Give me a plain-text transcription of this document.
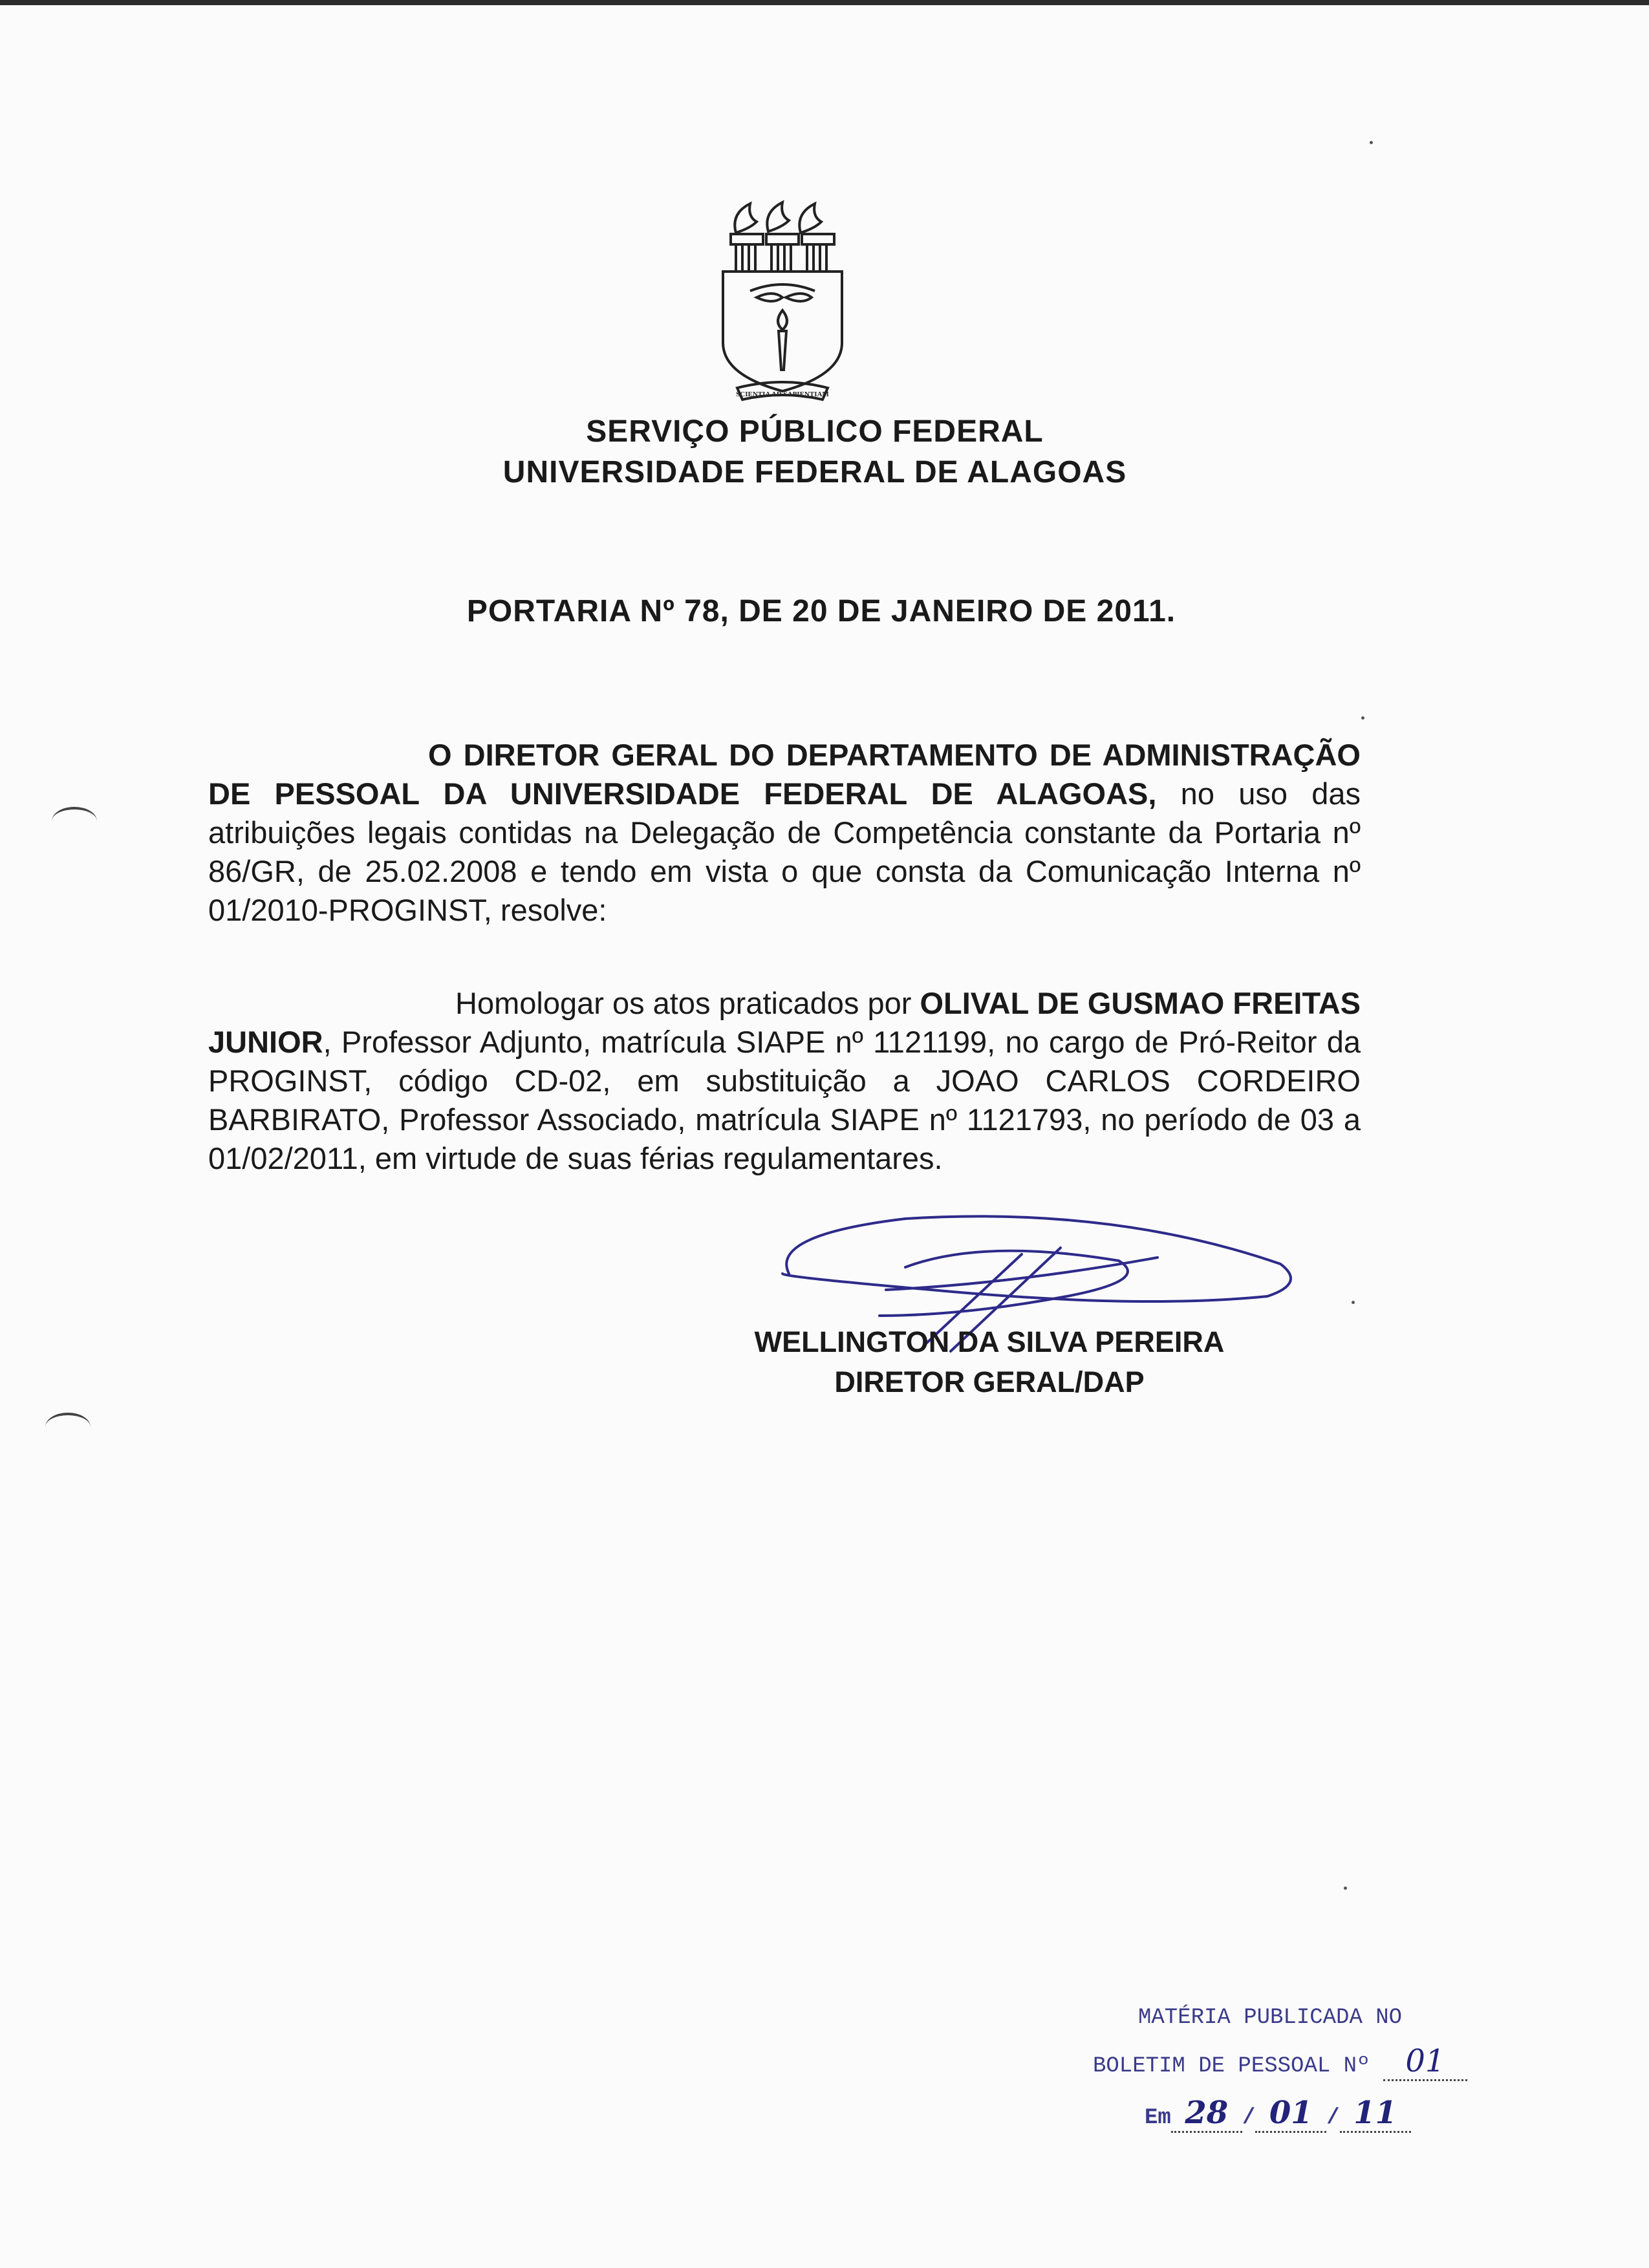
SCIENTIA AD SAPIENTIAM
SERVIÇO PÚBLICO FEDERAL
UNIVERSIDADE FEDERAL DE ALAGOAS
PORTARIA Nº 78, DE 20 DE JANEIRO DE 2011.
O DIRETOR GERAL DO DEPARTAMENTO DE ADMINISTRAÇÃO DE PESSOAL DA UNIVERSIDADE FEDERAL DE ALAGOAS, no uso das atribuições legais contidas na Delegação de Competência constante da Portaria nº 86/GR, de 25.02.2008 e tendo em vista o que consta da Comunicação Interna nº 01/2010-PROGINST, resolve:
Homologar os atos praticados por OLIVAL DE GUSMAO FREITAS JUNIOR, Professor Adjunto, matrícula SIAPE nº 1121199, no cargo de Pró-Reitor da PROGINST, código CD-02, em substituição a JOAO CARLOS CORDEIRO BARBIRATO, Professor Associado, matrícula SIAPE nº 1121793, no período de 03 a 01/02/2011, em virtude de suas férias regulamentares.
WELLINGTON DA SILVA PEREIRA
DIRETOR GERAL/DAP
MATÉRIA PUBLICADA NO
BOLETIM DE PESSOAL Nº 01
Em 28 / 01 / 11
